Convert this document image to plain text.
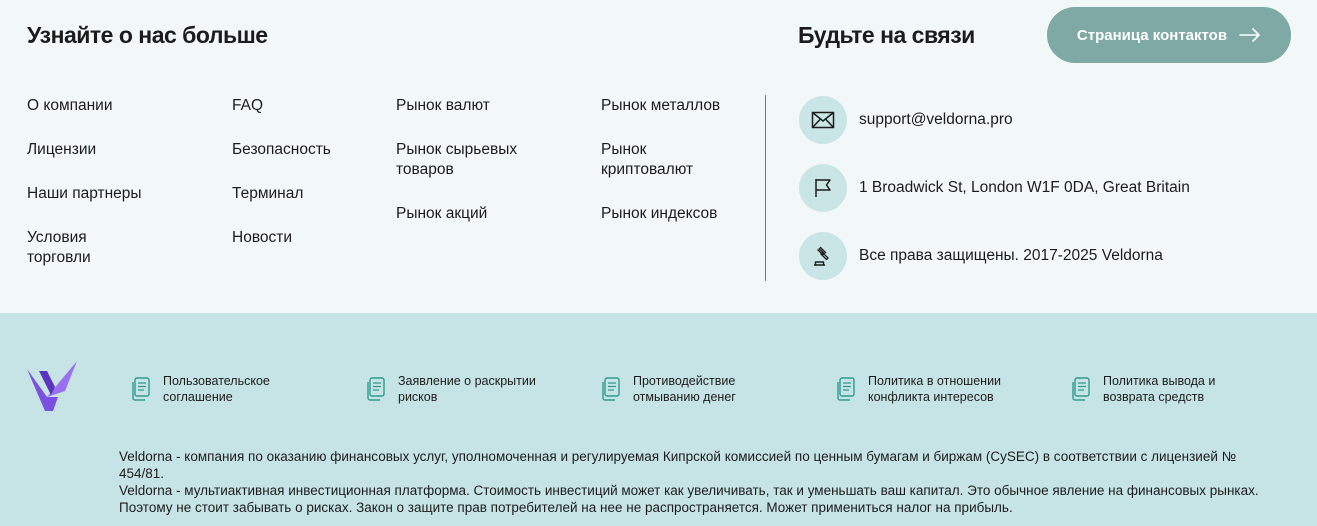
Узнайте о нас больше	Будьте на связи	Страница контактов
О компании
Лицензии
Наши партнеры
Условия торговли
FAQ
Безопасность
Терминал
Новости
Рынок валют
Рынок сырьевых товаров
Рынок акций
Рынок металлов
Рынок криптовалют
Рынок индексов
support@veldorna.pro
1 Broadwick St, London W1F 0DA, Great Britain
Все права защищены. 2017-2025 Veldorna
Пользовательское соглашение
Заявление о раскрытии рисков
Противодействие отмыванию денег
Политика в отношении конфликта интересов
Политика вывода и возврата средств

Veldorna - компания по оказанию финансовых услуг, уполномоченная и регулируемая Кипрской комиссией по ценным бумагам и биржам (CySEC) в соответствии с лицензией № 454/81.

Veldorna - мультиактивная инвестиционная платформа. Стоимость инвестиций может как увеличивать, так и уменьшать ваш капитал. Это обычное явление на финансовых рынках. Поэтому не стоит забывать о рисках. Закон о защите прав потребителей на нее не распространяется. Может примениться налог на прибыль.
